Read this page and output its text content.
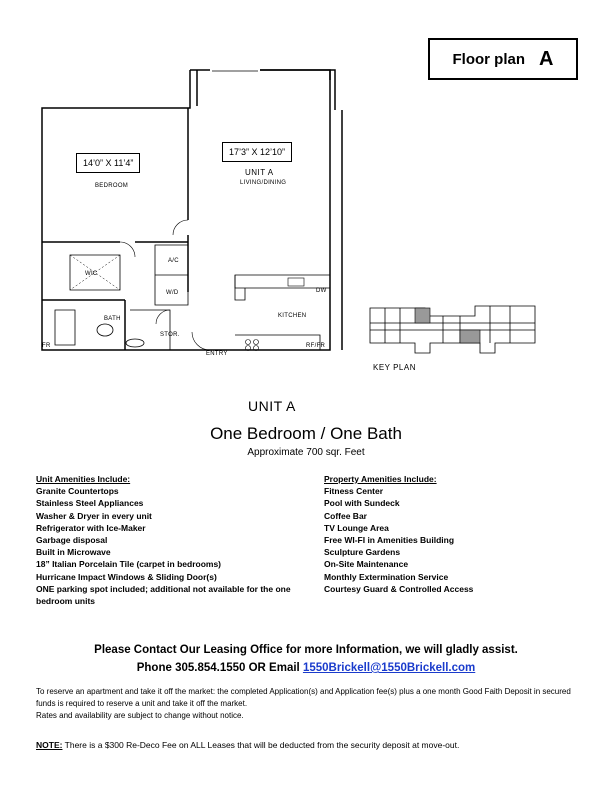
Floor plan A
14’0” X 11’4”
17’3” X 12’10”
BEDROOM
UNIT A
LIVING/DINING
WIC
A/C
W/D	DW
BATH	KITCHEN
STOR.
ENTRY
RF/FR
FR
KEY PLAN
UNIT A
One Bedroom / One Bath
Approximate 700 sqr. Feet
Unit Amenities Include:
Granite Countertops
Stainless Steel Appliances
Washer & Dryer in every unit
Refrigerator with Ice-Maker
Garbage disposal
Built in Microwave
18” Italian Porcelain Tile (carpet in bedrooms)
Hurricane Impact Windows & Sliding Door(s)
ONE parking spot included; additional not available for the one bedroom units
Property Amenities Include:
Fitness Center
Pool with Sundeck
Coffee Bar
TV Lounge Area
Free WI-FI in Amenities Building
Sculpture Gardens
On-Site Maintenance
Monthly Extermination Service
Courtesy Guard & Controlled Access
Please Contact Our Leasing Office for more Information, we will gladly assist.
Phone 305.854.1550 OR Email 1550Brickell@1550Brickell.com
To reserve an apartment and take it off the market: the completed Application(s) and Application fee(s) plus a one month Good Faith Deposit in secured funds is required to reserve a unit and take it off the market.
Rates and availability are subject to change without notice.
NOTE: There is a $300 Re-Deco Fee on ALL Leases that will be deducted from the security deposit at move-out.
